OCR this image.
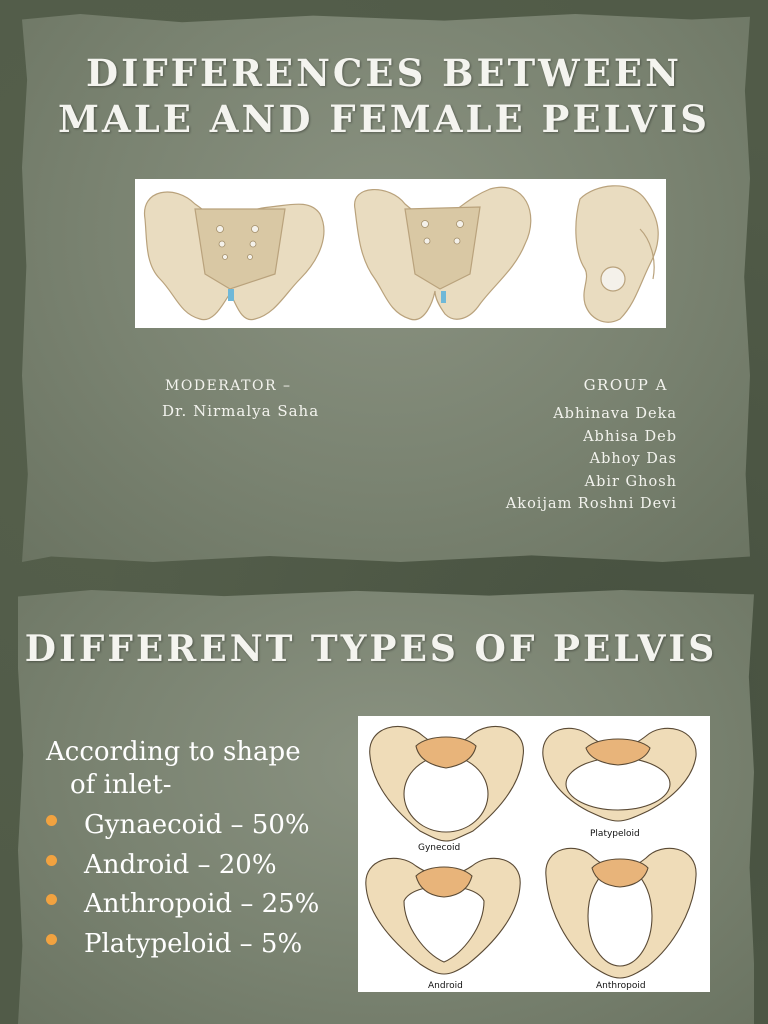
DIFFERENCES BETWEEN
MALE AND FEMALE PELVIS
MODERATOR –
Dr. Nirmalya Saha
GROUP A
Abhinava Deka
Abhisa Deb
Abhoy Das
Abir Ghosh
Akoijam Roshni Devi
DIFFERENT TYPES OF PELVIS
According to shape
of inlet-
Gynaecoid – 50%
Android – 20%
Anthropoid – 25%
Platypeloid – 5%
Gynecoid
Platypeloid
Android	Anthropoid
